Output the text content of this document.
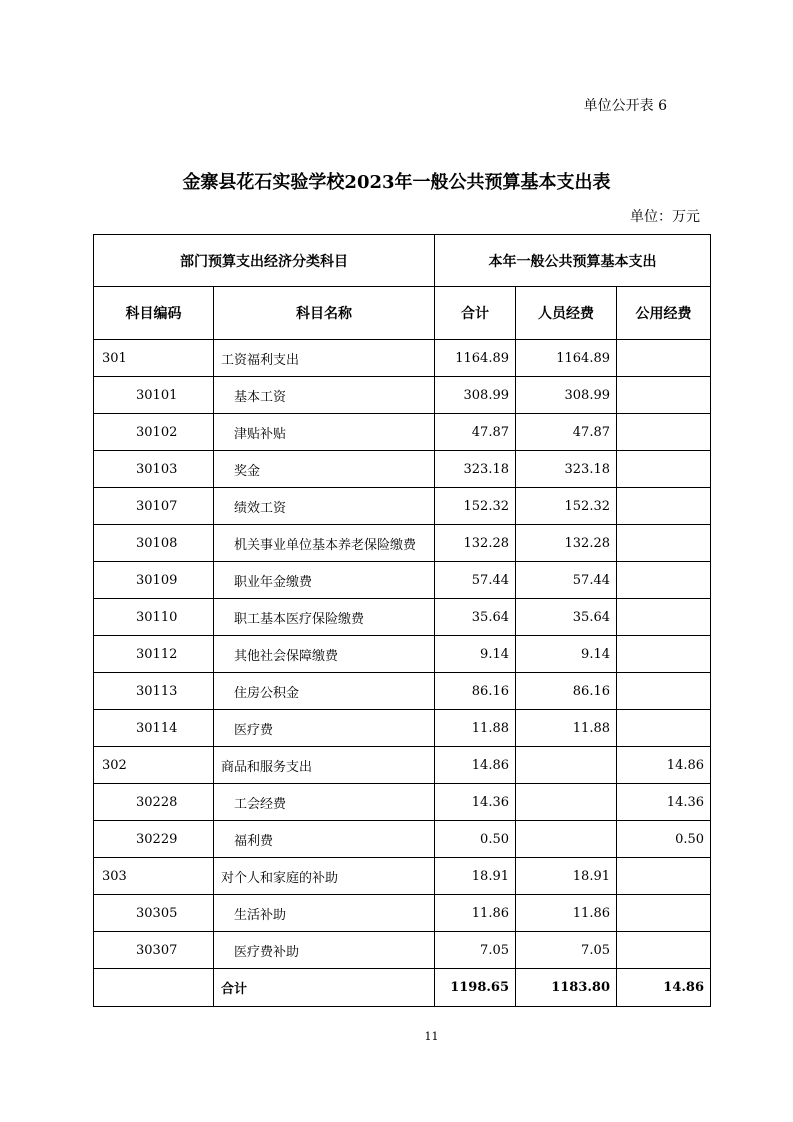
单位公开表 6
金寨县花石实验学校2023年一般公共预算基本支出表
单位：万元
部门预算支出经济分类科目		本年一般公共预算基本支出		
科目编码	科目名称	合计	人员经费	公用经费
301	工资福利支出	1164.89	1164.89	
30101	基本工资	308.99	308.99	
30102	津贴补贴	47.87	47.87	
30103	奖金	323.18	323.18	
30107	绩效工资	152.32	152.32	
30108	机关事业单位基本养老保险缴费	132.28	132.28	
30109	职业年金缴费	57.44	57.44	
30110	职工基本医疗保险缴费	35.64	35.64	
30112	其他社会保障缴费	9.14	9.14	
30113	住房公积金	86.16	86.16	
30114	医疗费	11.88	11.88	
302	商品和服务支出	14.86		14.86
30228	工会经费	14.36		14.36
30229	福利费	0.50		0.50
303	对个人和家庭的补助	18.91	18.91	
30305	生活补助	11.86	11.86	
30307	医疗费补助	7.05	7.05	
	合计	1198.65	1183.80	14.86
11
